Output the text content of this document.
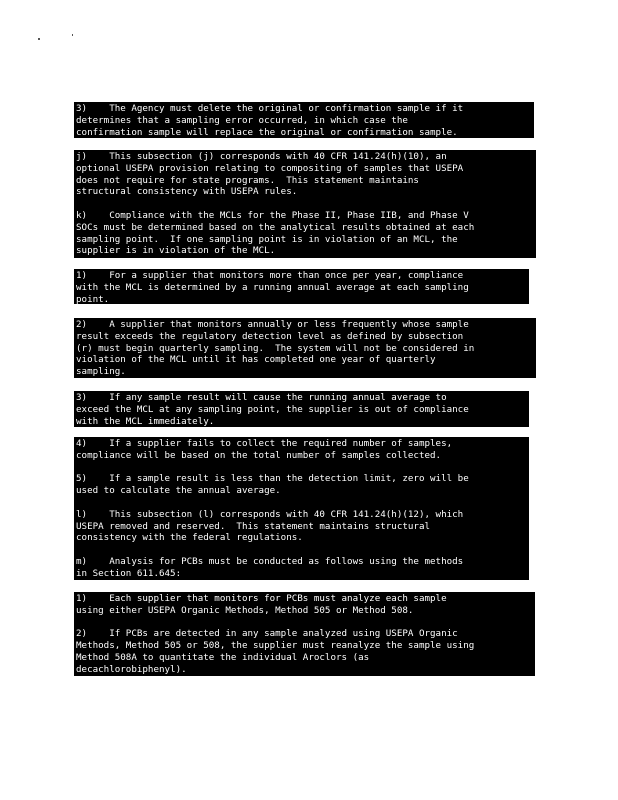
3)    The Agency must delete the original or confirmation sample if it
determines that a sampling error occurred, in which case the
confirmation sample will replace the original or confirmation sample.
j)    This subsection (j) corresponds with 40 CFR 141.24(h)(10), an
optional USEPA provision relating to compositing of samples that USEPA
does not require for state programs.  This statement maintains
structural consistency with USEPA rules.

k)    Compliance with the MCLs for the Phase II, Phase IIB, and Phase V
SOCs must be determined based on the analytical results obtained at each
sampling point.  If one sampling point is in violation of an MCL, the
supplier is in violation of the MCL.
1)    For a supplier that monitors more than once per year, compliance
with the MCL is determined by a running annual average at each sampling
point.
2)    A supplier that monitors annually or less frequently whose sample
result exceeds the regulatory detection level as defined by subsection
(r) must begin quarterly sampling.  The system will not be considered in
violation of the MCL until it has completed one year of quarterly
sampling.
3)    If any sample result will cause the running annual average to
exceed the MCL at any sampling point, the supplier is out of compliance
with the MCL immediately.
4)    If a supplier fails to collect the required number of samples,
compliance will be based on the total number of samples collected.

5)    If a sample result is less than the detection limit, zero will be
used to calculate the annual average.

l)    This subsection (l) corresponds with 40 CFR 141.24(h)(12), which
USEPA removed and reserved.  This statement maintains structural
consistency with the federal regulations.

m)    Analysis for PCBs must be conducted as follows using the methods
in Section 611.645:
1)    Each supplier that monitors for PCBs must analyze each sample
using either USEPA Organic Methods, Method 505 or Method 508.

2)    If PCBs are detected in any sample analyzed using USEPA Organic
Methods, Method 505 or 508, the supplier must reanalyze the sample using
Method 508A to quantitate the individual Aroclors (as
decachlorobiphenyl).
